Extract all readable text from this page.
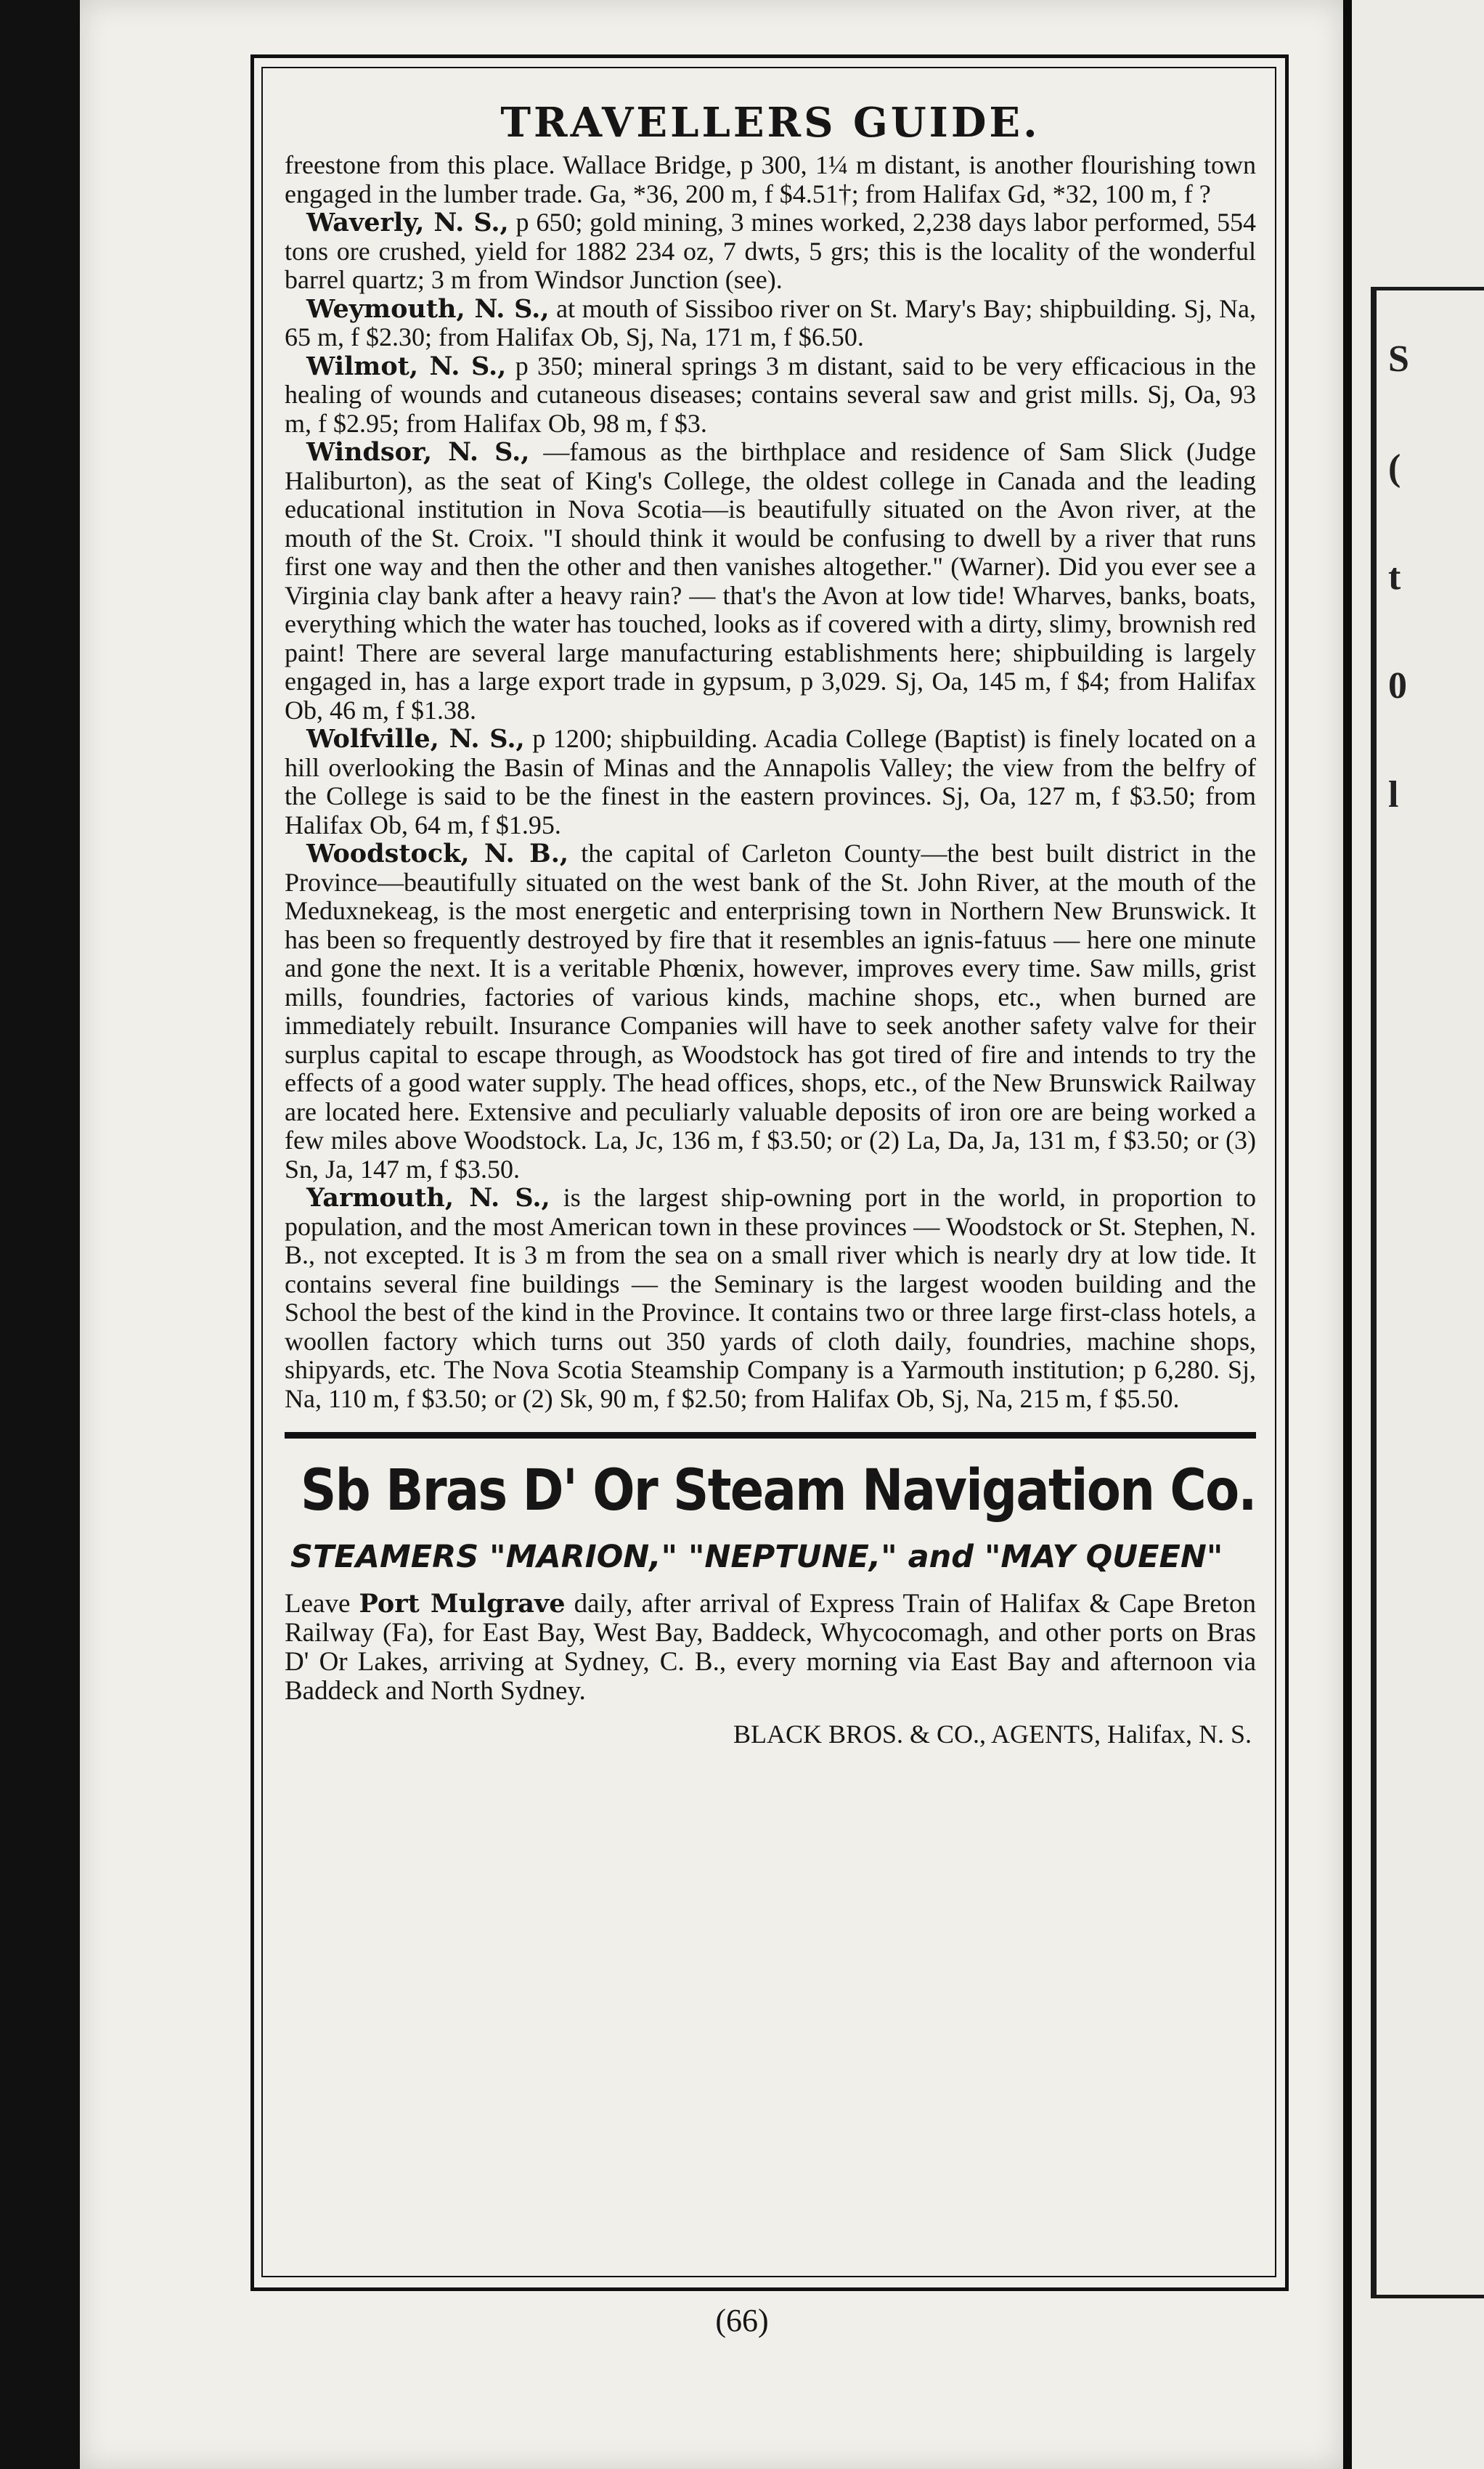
S
(
t
0
l
TRAVELLERS GUIDE.

freestone from this place. Wallace Bridge, p 300, 1¼ m distant, is another flourishing town engaged in the lumber trade. Ga, *36, 200 m, f $4.51†; from Halifax Gd, *32, 100 m, f ?

Waverly, N. S., p 650; gold mining, 3 mines worked, 2,238 days labor performed, 554 tons ore crushed, yield for 1882 234 oz, 7 dwts, 5 grs; this is the locality of the wonderful barrel quartz; 3 m from Windsor Junction (see).

Weymouth, N. S., at mouth of Sissiboo river on St. Mary's Bay; shipbuilding. Sj, Na, 65 m, f $2.30; from Halifax Ob, Sj, Na, 171 m, f $6.50.

Wilmot, N. S., p 350; mineral springs 3 m distant, said to be very efficacious in the healing of wounds and cutaneous diseases; contains several saw and grist mills. Sj, Oa, 93 m, f $2.95; from Halifax Ob, 98 m, f $3.

Windsor, N. S., —famous as the birthplace and residence of Sam Slick (Judge Haliburton), as the seat of King's College, the oldest college in Canada and the leading educational institution in Nova Scotia—is beautifully situated on the Avon river, at the mouth of the St. Croix. "I should think it would be confusing to dwell by a river that runs first one way and then the other and then vanishes altogether." (Warner). Did you ever see a Virginia clay bank after a heavy rain? — that's the Avon at low tide! Wharves, banks, boats, everything which the water has touched, looks as if covered with a dirty, slimy, brownish red paint! There are several large manufacturing establishments here; shipbuilding is largely engaged in, has a large export trade in gypsum, p 3,029. Sj, Oa, 145 m, f $4; from Halifax Ob, 46 m, f $1.38.

Wolfville, N. S., p 1200; shipbuilding. Acadia College (Baptist) is finely located on a hill overlooking the Basin of Minas and the Annapolis Valley; the view from the belfry of the College is said to be the finest in the eastern provinces. Sj, Oa, 127 m, f $3.50; from Halifax Ob, 64 m, f $1.95.

Woodstock, N. B., the capital of Carleton County—the best built district in the Province—beautifully situated on the west bank of the St. John River, at the mouth of the Meduxnekeag, is the most energetic and enterprising town in Northern New Brunswick. It has been so frequently destroyed by fire that it resembles an ignis-fatuus — here one minute and gone the next. It is a veritable Phœnix, however, improves every time. Saw mills, grist mills, foundries, factories of various kinds, machine shops, etc., when burned are immediately rebuilt. Insurance Companies will have to seek another safety valve for their surplus capital to escape through, as Woodstock has got tired of fire and intends to try the effects of a good water supply. The head offices, shops, etc., of the New Brunswick Railway are located here. Extensive and peculiarly valuable deposits of iron ore are being worked a few miles above Woodstock. La, Jc, 136 m, f $3.50; or (2) La, Da, Ja, 131 m, f $3.50; or (3) Sn, Ja, 147 m, f $3.50.

Yarmouth, N. S., is the largest ship-owning port in the world, in proportion to population, and the most American town in these provinces — Woodstock or St. Stephen, N. B., not excepted. It is 3 m from the sea on a small river which is nearly dry at low tide. It contains several fine buildings — the Seminary is the largest wooden building and the School the best of the kind in the Province. It contains two or three large first-class hotels, a woollen factory which turns out 350 yards of cloth daily, foundries, machine shops, shipyards, etc. The Nova Scotia Steamship Company is a Yarmouth institution; p 6,280. Sj, Na, 110 m, f $3.50; or (2) Sk, 90 m, f $2.50; from Halifax Ob, Sj, Na, 215 m, f $5.50.

Sb Bras D' Or Steam Navigation Co.
STEAMERS "MARION," "NEPTUNE," and "MAY QUEEN"
Leave Port Mulgrave daily, after arrival of Express Train of Halifax & Cape Breton Railway (Fa), for East Bay, West Bay, Baddeck, Whycocomagh, and other ports on Bras D' Or Lakes, arriving at Sydney, C. B., every morning via East Bay and afternoon via Baddeck and North Sydney.
BLACK BROS. & CO., AGENTS, Halifax, N. S.
(66)
